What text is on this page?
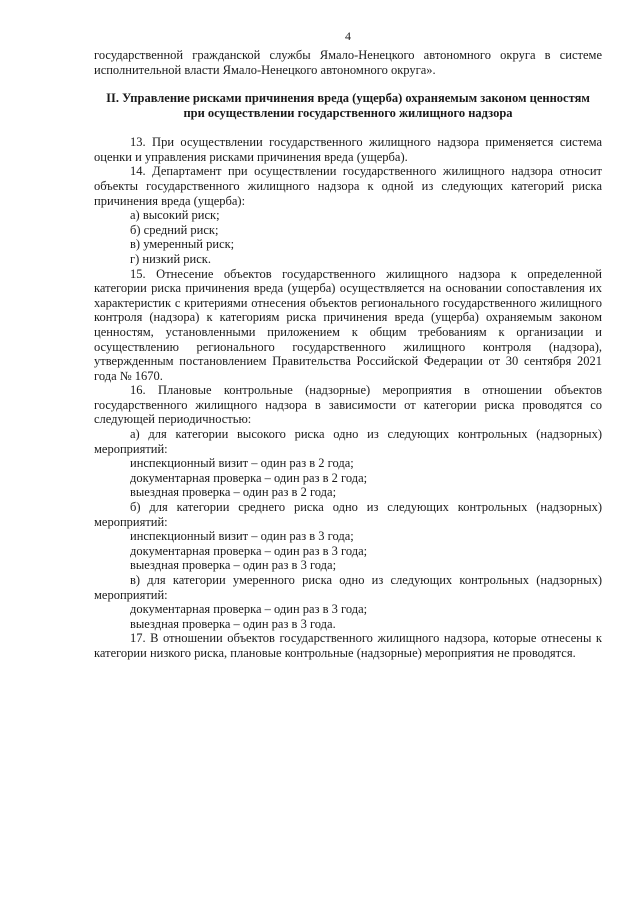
4

государственной гражданской службы Ямало-Ненецкого автономного округа в системе исполнительной власти Ямало-Ненецкого автономного округа».

II. Управление рисками причинения вреда (ущерба) охраняемым законом ценностям при осуществлении государственного жилищного надзора

13. При осуществлении государственного жилищного надзора применяется система оценки и управления рисками причинения вреда (ущерба).

14. Департамент при осуществлении государственного жилищного надзора относит объекты государственного жилищного надзора к одной из следующих категорий риска причинения вреда (ущерба):

а) высокий риск;

б) средний риск;

в) умеренный риск;

г) низкий риск.

15. Отнесение объектов государственного жилищного надзора к определенной категории риска причинения вреда (ущерба) осуществляется на основании сопоставления их характеристик с критериями отнесения объектов регионального государственного жилищного контроля (надзора) к категориям риска причинения вреда (ущерба) охраняемым законом ценностям, установленными приложением к общим требованиям к организации и осуществлению регионального государственного жилищного контроля (надзора), утвержденным постановлением Правительства Российской Федерации от 30 сентября 2021 года № 1670.

16. Плановые контрольные (надзорные) мероприятия в отношении объектов государственного жилищного надзора в зависимости от категории риска проводятся со следующей периодичностью:

а) для категории высокого риска одно из следующих контрольных (надзорных) мероприятий:

инспекционный визит – один раз в 2 года;

документарная проверка – один раз в 2 года;

выездная проверка – один раз в 2 года;

б) для категории среднего риска одно из следующих контрольных (надзорных) мероприятий:

инспекционный визит – один раз в 3 года;

документарная проверка – один раз в 3 года;

выездная проверка – один раз в 3 года;

в) для категории умеренного риска одно из следующих контрольных (надзорных) мероприятий:

документарная проверка – один раз в 3 года;

выездная проверка – один раз в 3 года.

17. В отношении объектов государственного жилищного надзора, которые отнесены к категории низкого риска, плановые контрольные (надзорные) мероприятия не проводятся.
